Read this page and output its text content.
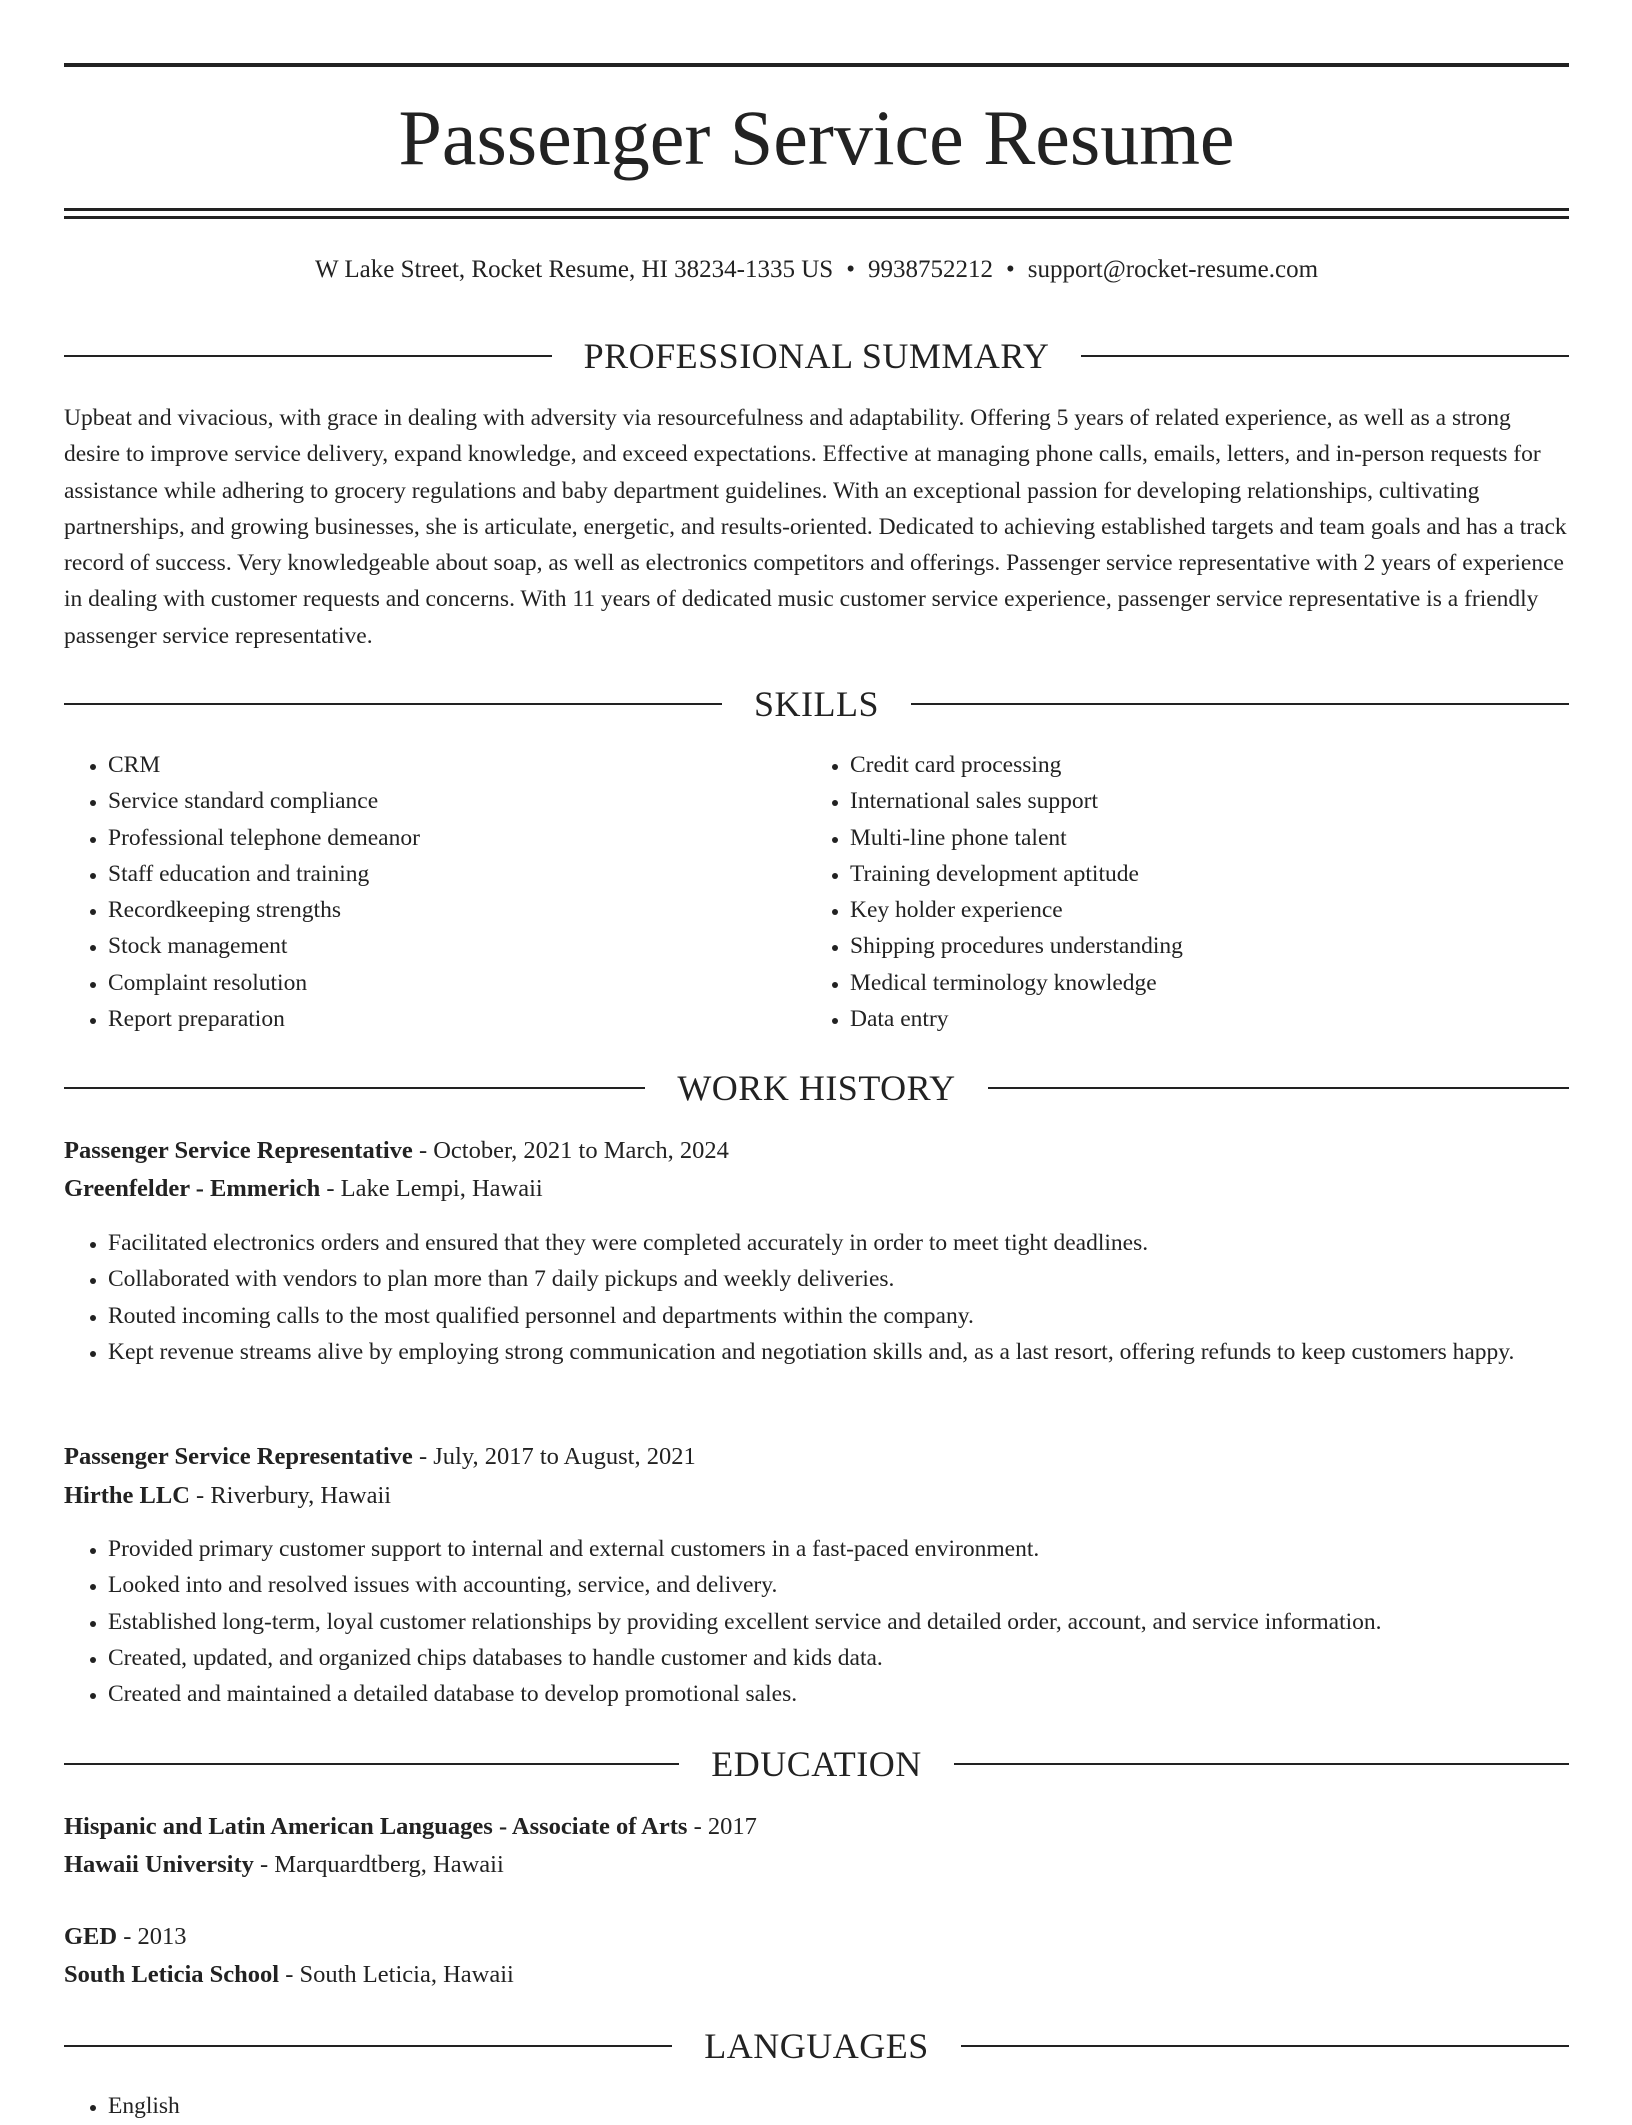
Passenger Service Resume
W Lake Street, Rocket Resume, HI 38234-1335 US • 9938752212 • support@rocket-resume.com
PROFESSIONAL SUMMARY

Upbeat and vivacious, with grace in dealing with adversity via resourcefulness and adaptability. Offering 5 years of related experience, as well as a strong desire to improve service delivery, expand knowledge, and exceed expectations. Effective at managing phone calls, emails, letters, and in-person requests for assistance while adhering to grocery regulations and baby department guidelines. With an exceptional passion for developing relationships, cultivating partnerships, and growing businesses, she is articulate, energetic, and results-oriented. Dedicated to achieving established targets and team goals and has a track record of success. Very knowledgeable about soap, as well as electronics competitors and offerings. Passenger service representative with 2 years of experience in dealing with customer requests and concerns. With 11 years of dedicated music customer service experience, passenger service representative is a friendly passenger service representative.

SKILLS
• CRM
• Service standard compliance
• Professional telephone demeanor
• Staff education and training
• Recordkeeping strengths
• Stock management
• Complaint resolution
• Report preparation
• Credit card processing
• International sales support
• Multi-line phone talent
• Training development aptitude
• Key holder experience
• Shipping procedures understanding
• Medical terminology knowledge
• Data entry
WORK HISTORY
Passenger Service Representative - October, 2021 to March, 2024
Greenfelder - Emmerich - Lake Lempi, Hawaii
• Facilitated electronics orders and ensured that they were completed accurately in order to meet tight deadlines.
• Collaborated with vendors to plan more than 7 daily pickups and weekly deliveries.
• Routed incoming calls to the most qualified personnel and departments within the company.
• Kept revenue streams alive by employing strong communication and negotiation skills and, as a last resort, offering refunds to keep customers happy.
Passenger Service Representative - July, 2017 to August, 2021
Hirthe LLC - Riverbury, Hawaii
• Provided primary customer support to internal and external customers in a fast-paced environment.
• Looked into and resolved issues with accounting, service, and delivery.
• Established long-term, loyal customer relationships by providing excellent service and detailed order, account, and service information.
• Created, updated, and organized chips databases to handle customer and kids data.
• Created and maintained a detailed database to develop promotional sales.
EDUCATION
Hispanic and Latin American Languages - Associate of Arts - 2017
Hawaii University - Marquardtberg, Hawaii
GED - 2013
South Leticia School - South Leticia, Hawaii
LANGUAGES
• English
